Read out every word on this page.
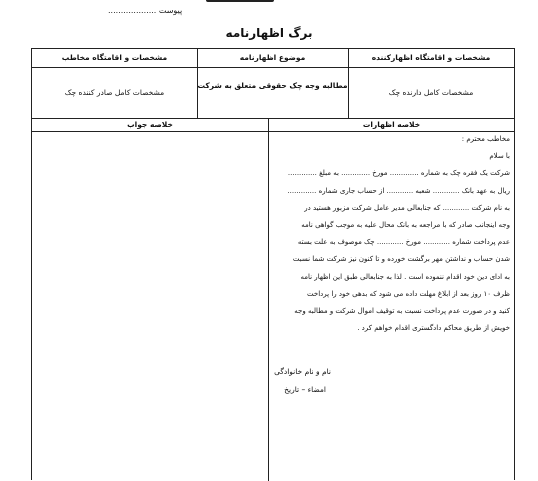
پیوست ...................
برگ اظهارنامه
مشخصات و اقامتگاه اظهارکننده
موضوع اظهارنامه
مشخصات و اقامتگاه مخاطب
مشخصات کامل دارنده چک
مطالبه وجه چک حقوقی متعلق به شرکت
مشخصات کامل صادر کننده چک
خلاصه اظهارات
خلاصه جواب
مخاطب محترم :
با سلام
شرکت یک فقره چک به شماره ............. مورخ ............. به مبلغ .............
ریال به عهد بانک ............ شعبه ............ از حساب جاری شماره .............
به نام شرکت ............ که جنابعالی مدیر عامل شرکت مزبور هستید در
وجه اینجانب صادر که با مراجعه به بانک محال علیه به موجب گواهی نامه
عدم پرداخت شماره ............ مورخ ............ چک موصوف به علت بسته
شدن حساب و نداشتن مهر برگشت خورده و تا کنون نیز شرکت شما نسبت
به ادای دین خود اقدام ننموده است . لذا به جنابعالی طبق این اظهار نامه
ظرف ۱۰ روز بعد از ابلاغ مهلت داده می شود که بدهی خود را پرداخت
کنید و در صورت عدم پرداخت نسبت به توقیف اموال شرکت و مطالبه وجه
خویش از طریق محاکم دادگستری اقدام خواهم کرد .
نام و نام خانوادگی
امضاء – تاریخ
